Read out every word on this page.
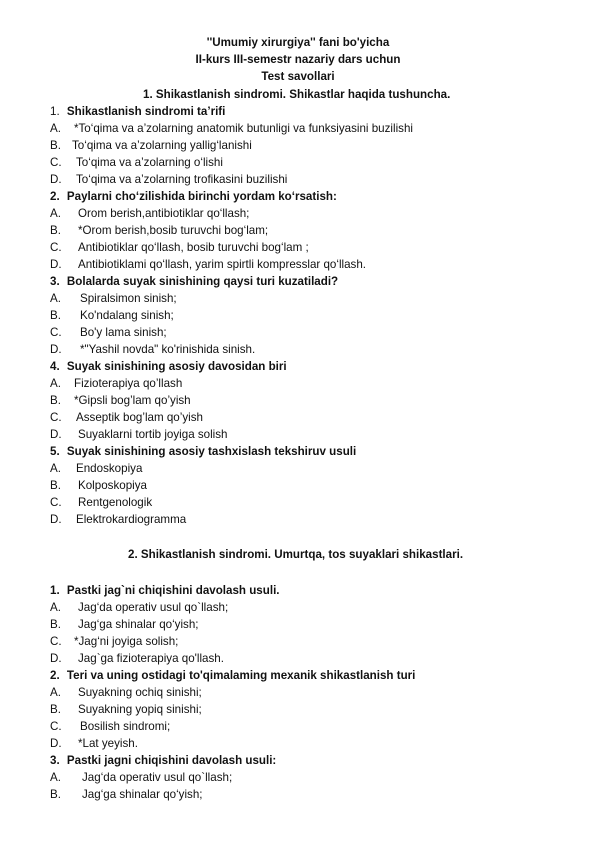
''Umumiy xirurgiya'' fani bo'yicha
II-kurs III-semestr nazariy dars uchun
Test savollari
1. Shikastlanish sindromi. Shikastlar haqida tushuncha.
1. Shikastlanish sindromi ta’rifi
A. *To‘qima va a’zolarning anatomik butunligi va funksiyasini buzilishi
B. To‘qima va a’zolarning yallig‘lanishi
C. To‘qima va a’zolarning o‘lishi
D. To‘qima va a’zolarning trofikasini buzilishi
2. Paylarni cho‘zilishida birinchi yordam ko‘rsatish:
A. Orom berish,antibiotiklar qo‘llash;
B. *Orom berish,bosib turuvchi bog‘lam;
C. Antibiotiklar qo‘llash, bosib turuvchi bog‘lam ;
D. Antibiotiklami qo‘llash, yarim spirtli kompresslar qo‘llash.
3. Bolalarda suyak sinishining qaysi turi kuzatiladi?
A. Spiralsimon sinish;
B. Ko'ndalang sinish;
C. Bo'y lama sinish;
D. *"Yashil novda" ko'rinishida sinish.
4. Suyak sinishining asosiy davosidan biri
A. Fizioterapiya qo’llash
B. *Gipsli bog’lam qo’yish
C. Asseptik bog’lam qo’yish
D. Suyaklarni tortib joyiga solish
5. Suyak sinishining asosiy tashxislash tekshiruv usuli
A. Endoskopiya
B. Kolposkopiya
C. Rentgenologik
D. Elektrokardiogramma
2. Shikastlanish sindromi. Umurtqa, tos suyaklari shikastlari.
1. Pastki jag`ni chiqishini davolash usuli.
A. Jag‘da operativ usul qo`llash;
B. Jag‘ga shinalar qo‘yish;
C. *Jag‘ni joyiga solish;
D. Jag`ga fizioterapiya qo'llash.
2. Teri va uning ostidagi to'qimalaming mexanik shikastlanish turi
A. Suyakning ochiq sinishi;
B. Suyakning yopiq sinishi;
C. Bosilish sindromi;
D. *Lat yeyish.
3. Pastki jagni chiqishini davolash usuli:
A. Jag‘da operativ usul qo`llash;
B. Jag‘ga shinalar qo‘yish;
